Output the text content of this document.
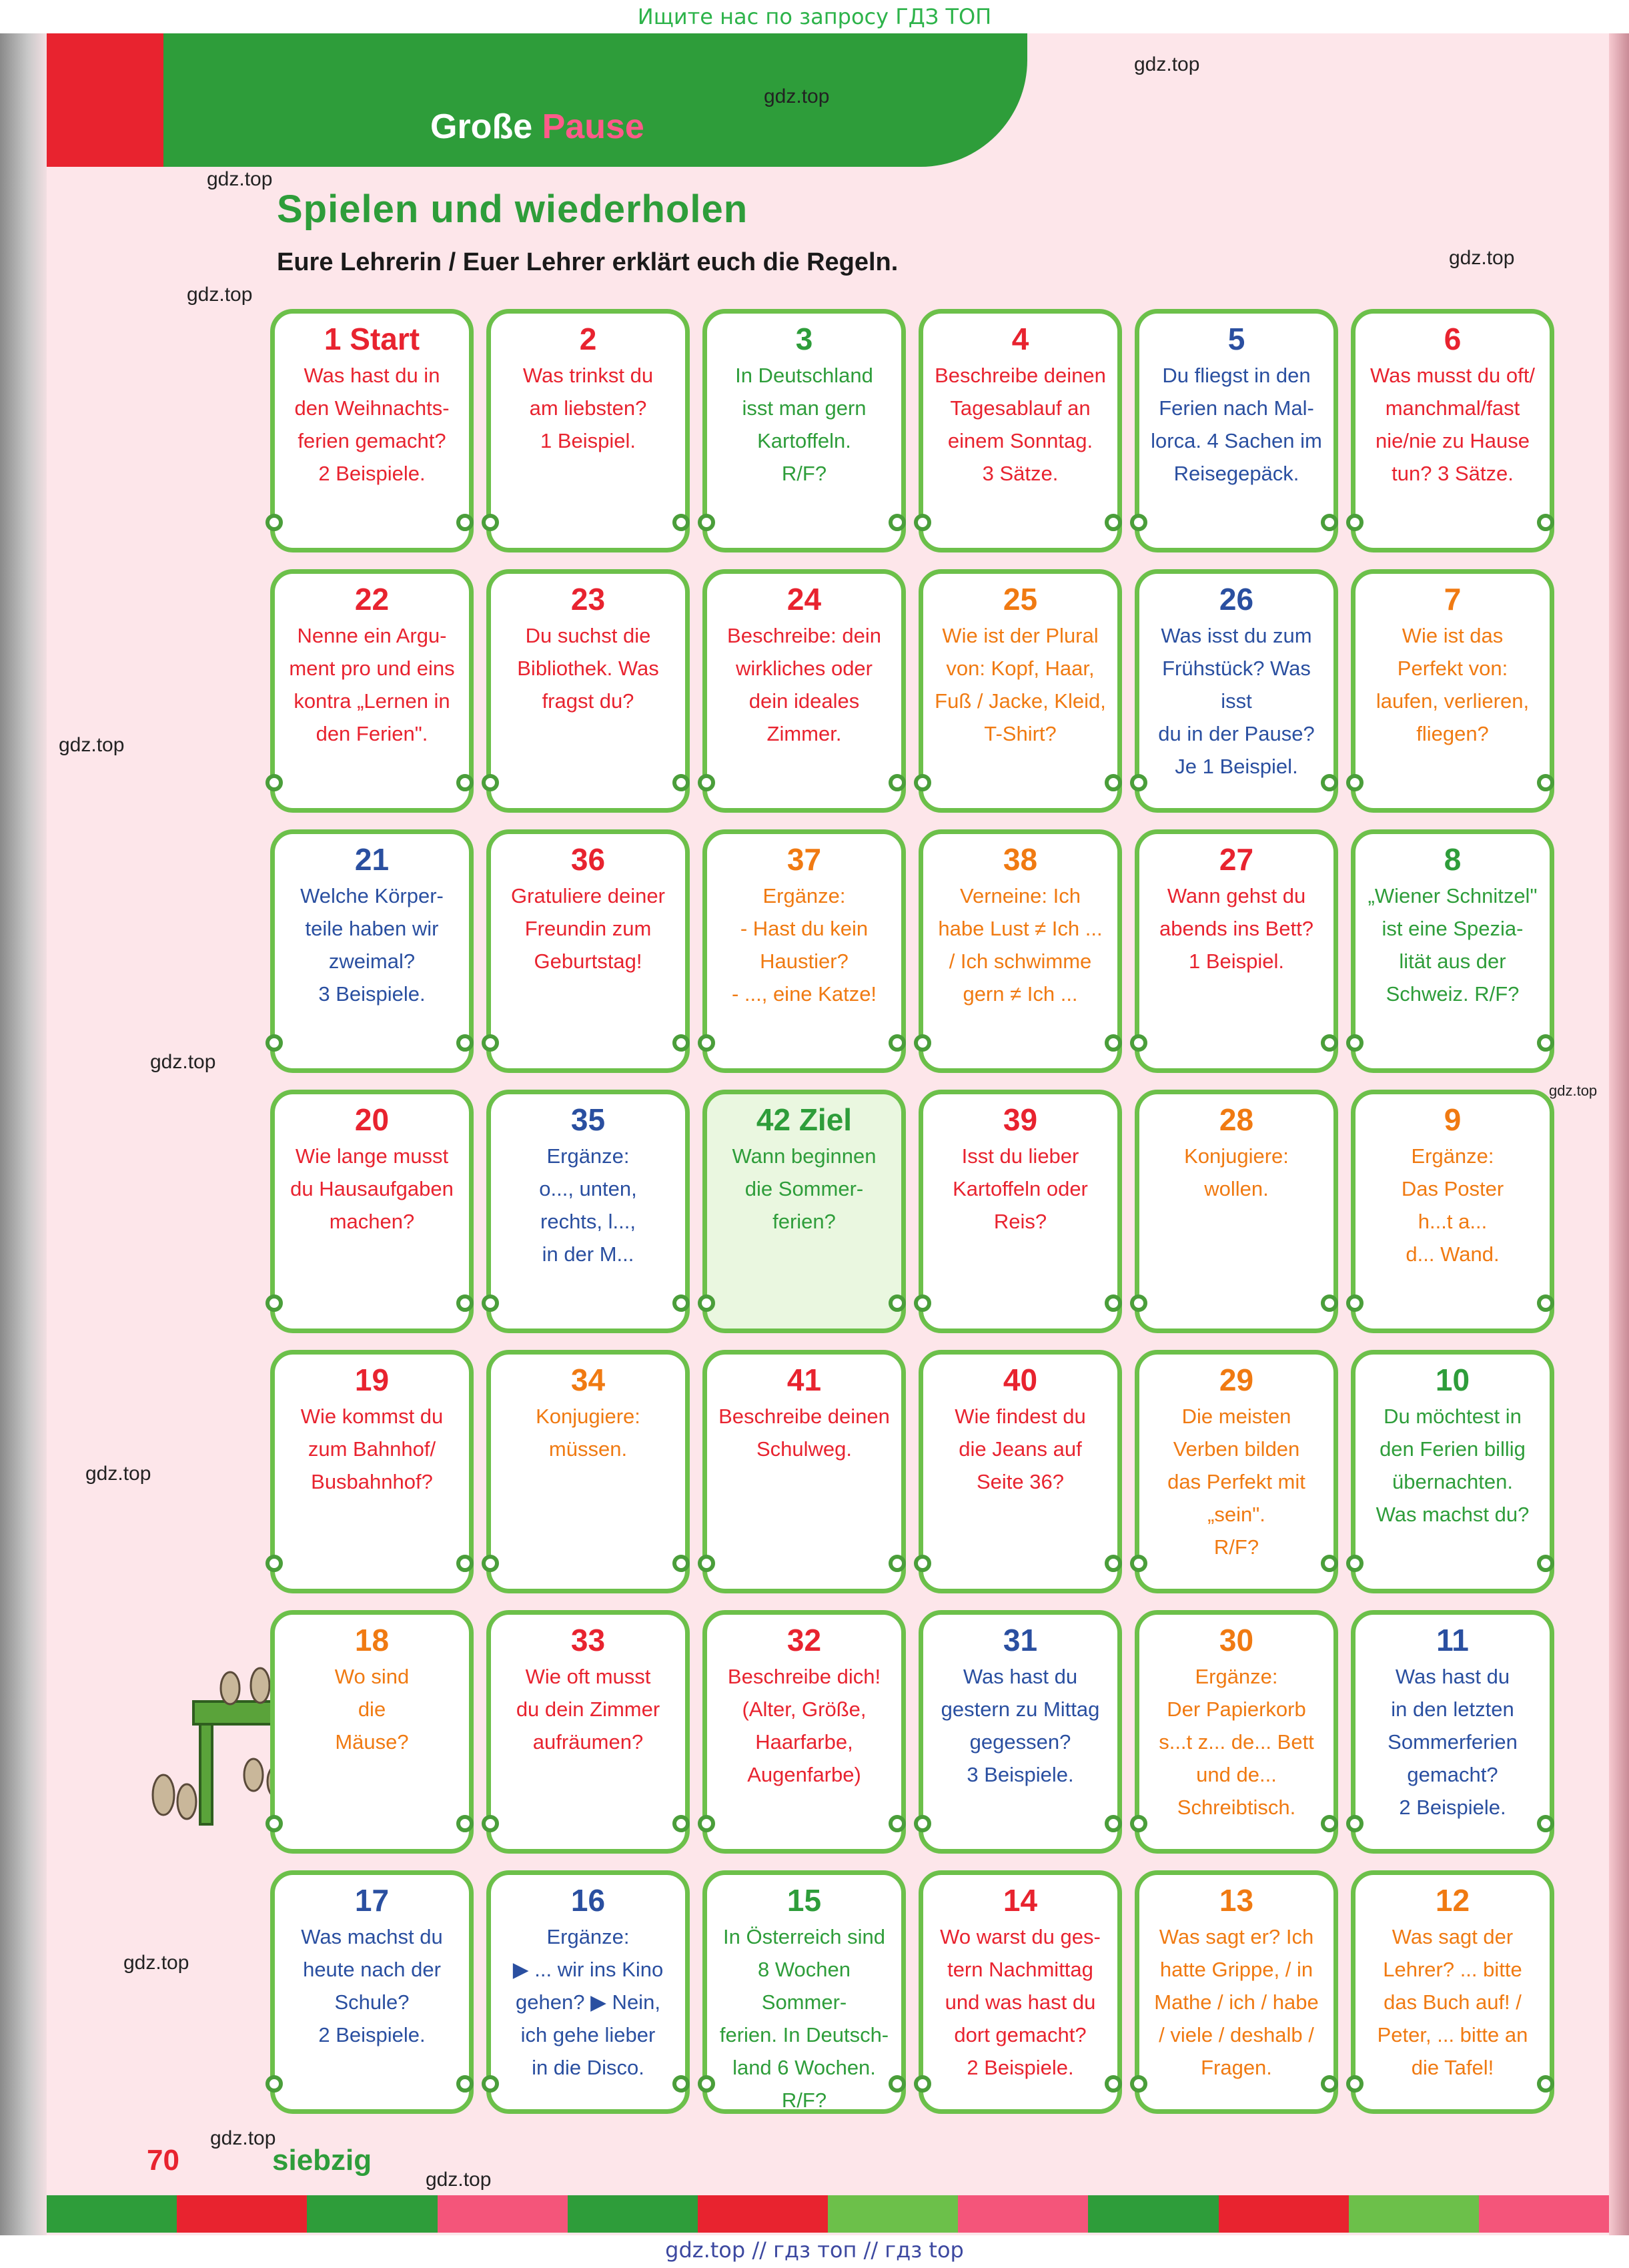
Ищите нас по запросу ГДЗ ТОП
Große Pause
Spielen und wiederholen
Eure Lehrerin / Euer Lehrer erklärt euch die Regeln.
1 Start
Was hast du in
den Weihnachts-
ferien gemacht?
2 Beispiele.
2
Was trinkst du
am liebsten?
1 Beispiel.
3
In Deutschland
isst man gern
Kartoffeln.
R/F?
4
Beschreibe deinen
Tagesablauf an
einem Sonntag.
3 Sätze.
5
Du fliegst in den
Ferien nach Mal-
lorca. 4 Sachen im
Reisegepäck.
6
Was musst du oft/
manchmal/fast
nie/nie zu Hause
tun? 3 Sätze.
22
Nenne ein Argu-
ment pro und eins
kontra „Lernen in
den Ferien".
23
Du suchst die
Bibliothek. Was
fragst du?
24
Beschreibe: dein
wirkliches oder
dein ideales
Zimmer.
25
Wie ist der Plural
von: Kopf, Haar,
Fuß / Jacke, Kleid,
T-Shirt?
26
Was isst du zum
Frühstück? Was isst
du in der Pause?
Je 1 Beispiel.
7
Wie ist das
Perfekt von:
laufen, verlieren,
fliegen?
21
Welche Körper-
teile haben wir
zweimal?
3 Beispiele.
36
Gratuliere deiner
Freundin zum
Geburtstag!
37
Ergänze:
- Hast du kein
Haustier?
- ..., eine Katze!
38
Verneine: Ich
habe Lust ≠ Ich ...
/ Ich schwimme
gern ≠ Ich ...
27
Wann gehst du
abends ins Bett?
1 Beispiel.
8
„Wiener Schnitzel"
ist eine Spezia-
lität aus der
Schweiz. R/F?
20
Wie lange musst
du Hausaufgaben
machen?
35
Ergänze:
o..., unten,
rechts, l...,
in der M...
42 Ziel
Wann beginnen
die Sommer-
ferien?
39
Isst du lieber
Kartoffeln oder
Reis?
28
Konjugiere:
wollen.
9
Ergänze:
Das Poster
h...t a...
d... Wand.
19
Wie kommst du
zum Bahnhof/
Busbahnhof?
34
Konjugiere:
müssen.
41
Beschreibe deinen
Schulweg.
40
Wie findest du
die Jeans auf
Seite 36?
29
Die meisten
Verben bilden
das Perfekt mit
„sein".
R/F?
10
Du möchtest in
den Ferien billig
übernachten.
Was machst du?
18
Wo sind
die
Mäuse?
33
Wie oft musst
du dein Zimmer
aufräumen?
32
Beschreibe dich!
(Alter, Größe,
Haarfarbe,
Augenfarbe)
31
Was hast du
gestern zu Mittag
gegessen?
3 Beispiele.
30
Ergänze:
Der Papierkorb
s...t z... de... Bett
und de...
Schreibtisch.
11
Was hast du
in den letzten
Sommerferien
gemacht?
2 Beispiele.
17
Was machst du
heute nach der
Schule?
2 Beispiele.
16
Ergänze:
▶ ... wir ins Kino
gehen? ▶ Nein,
ich gehe lieber
in die Disco.
15
In Österreich sind
8 Wochen Sommer-
ferien. In Deutsch-
land 6 Wochen.
R/F?
14
Wo warst du ges-
tern Nachmittag
und was hast du
dort gemacht?
2 Beispiele.
13
Was sagt er? Ich
hatte Grippe, / in
Mathe / ich / habe
/ viele / deshalb /
Fragen.
12
Was sagt der
Lehrer? ... bitte
das Buch auf! /
Peter, ... bitte an
die Tafel!
70	siebzig
gdz.top // гдз топ // гдз top
gdz.top
gdz.top
gdz.top
gdz.top
gdz.top
gdz.top
gdz.top
gdz.top
gdz.top
gdz.top
gdz.top
gdz.top
